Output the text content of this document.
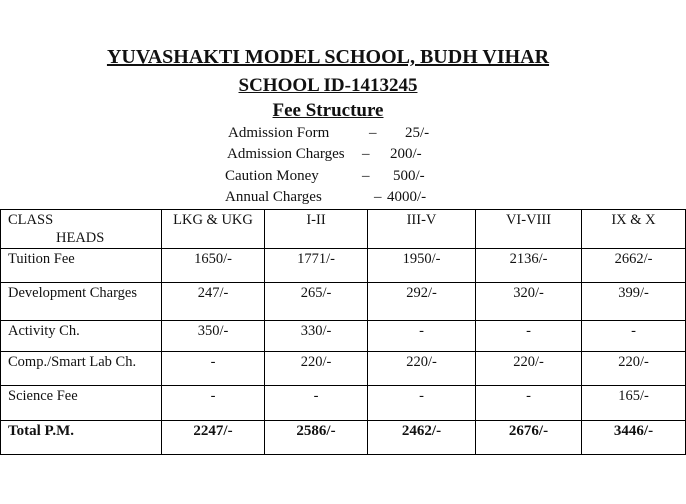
YUVASHAKTI MODEL SCHOOL, BUDH VIHAR
SCHOOL ID-1413245
Fee Structure
Admission Form	– 25/-
Admission Charges – 200/-
Caution Money	– 500/-
Annual Charges	– 4000/-
CLASS
HEADS	LKG & UKG	I-II	III-V	VI-VIII	IX & X
Tuition Fee	1650/-	1771/-	1950/-	2136/-	2662/-
Development Charges	247/-	265/-	292/-	320/-	399/-
Activity Ch.	350/-	330/-	-	-	-
Comp./Smart Lab Ch.	-	220/-	220/-	220/-	220/-
Science Fee	-	-	-	-	165/-
Total P.M.	2247/-	2586/-	2462/-	2676/-	3446/-
